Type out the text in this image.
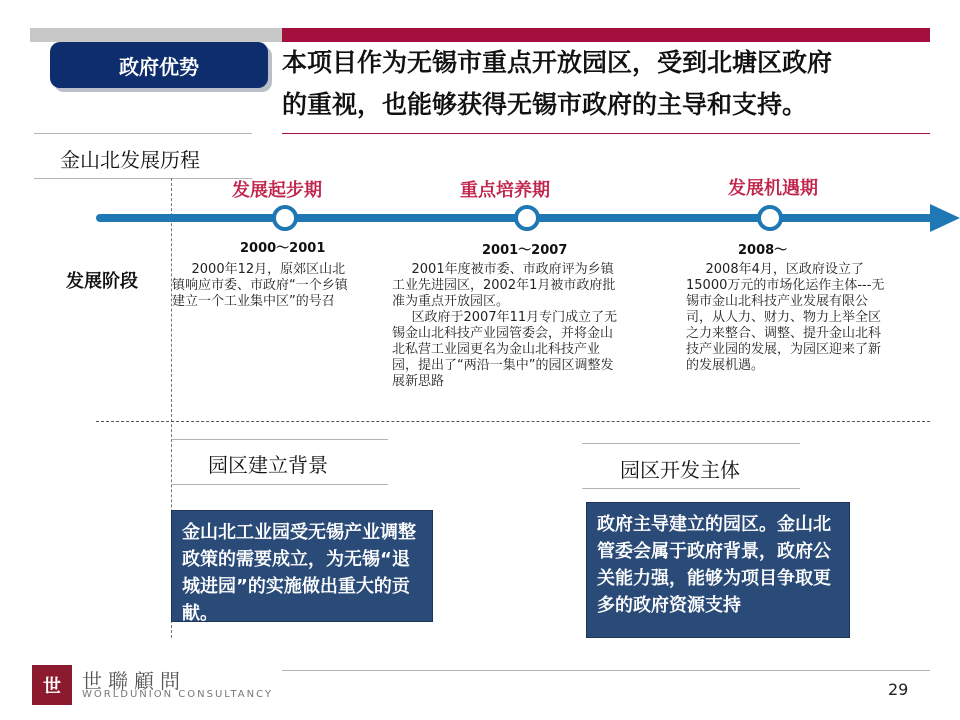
政府优势	本项目作为无锡市重点开放园区，受到北塘区政府
的重视，也能够获得无锡市政府的主导和支持。
金山北发展历程
发展起步期	重点培养期	发展机遇期
2000～2001	2001～2007	2008～
发展阶段

2000年12月，原郊区山北镇响应市委、市政府“一个乡镇建立一个工业集中区”的号召

2001年度被市委、市政府评为乡镇工业先进园区，2002年1月被市政府批准为重点开放园区。

区政府于2007年11月专门成立了无锡金山北科技产业园管委会，并将金山北私营工业园更名为金山北科技产业园，提出了“两沿一集中”的园区调整发展新思路

2008年4月，区政府设立了15000万元的市场化运作主体---无锡市金山北科技产业发展有限公司，从人力、财力、物力上举全区之力来整合、调整、提升金山北科技产业园的发展，为园区迎来了新的发展机遇。

园区建立背景
金山北工业园受无锡产业调整政策的需要成立，为无锡“退城进园”的实施做出重大的贡献。
园区开发主体
政府主导建立的园区。金山北管委会属于政府背景，政府公关能力强，能够为项目争取更多的政府资源支持
世	世聯顧問
WORLDUNION CONSULTANCY	29
